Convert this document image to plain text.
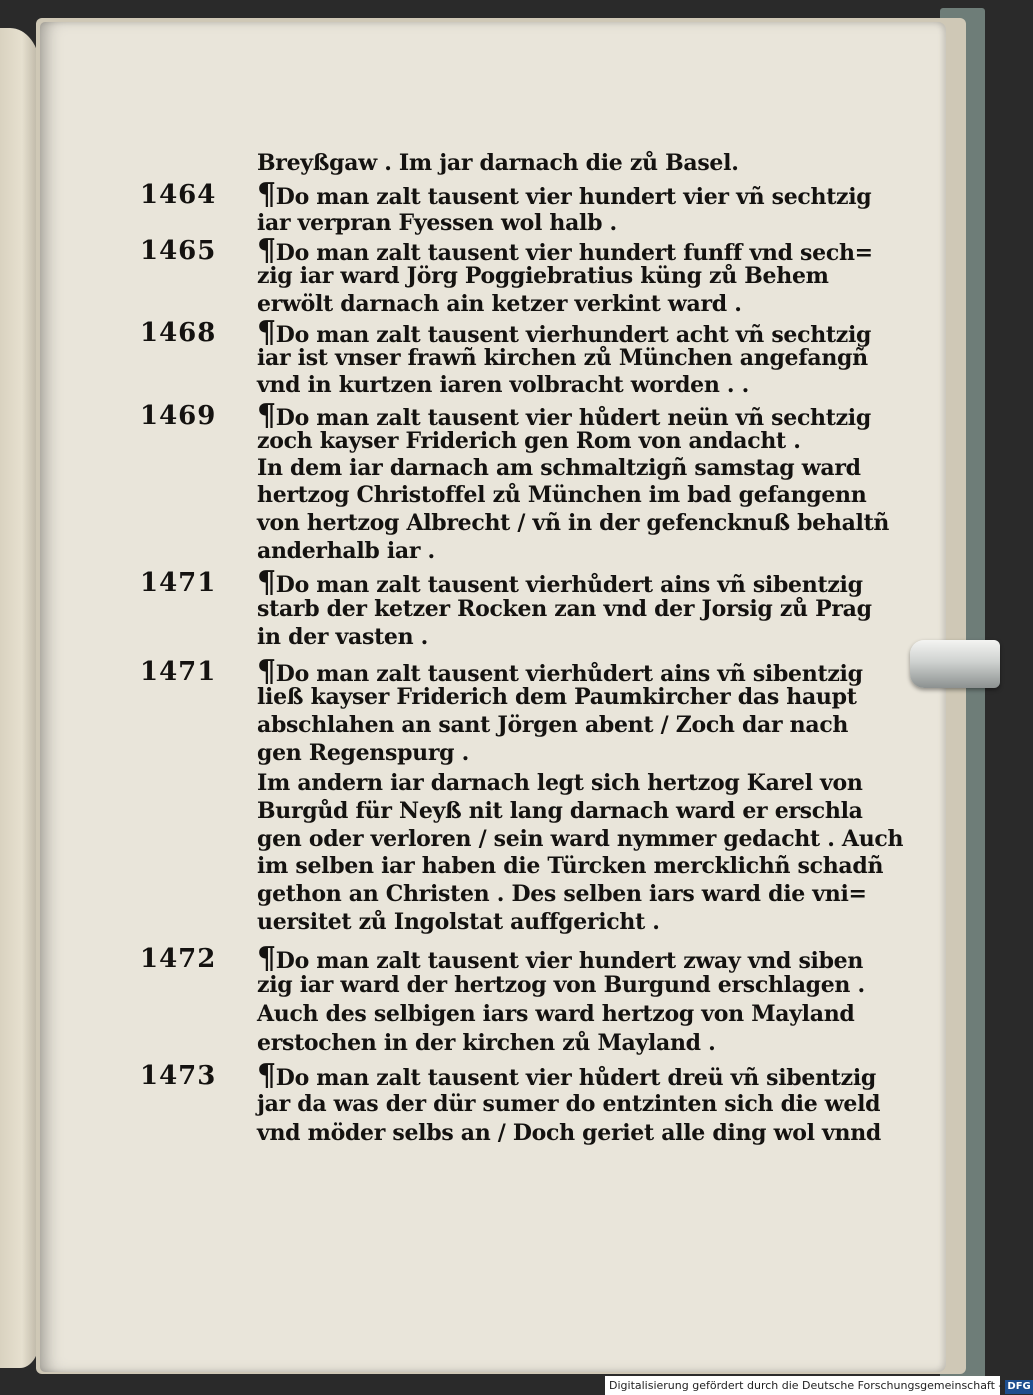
1464
1465
1468
1469
1471
1471
1472
1473
Breyßgaw . Im jar darnach die zů Basel.
¶Do man zalt tausent vier hundert vier vñ sechtzig
iar verpran Fyessen wol halb .
¶Do man zalt tausent vier hundert funff vnd sech=
zig iar ward Jörg Poggiebratius küng zů Behem
erwölt darnach ain ketzer verkint ward .
¶Do man zalt tausent vierhundert acht vñ sechtzig
iar ist vnser frawñ kirchen zů München angefangñ
vnd in kurtzen iaren volbracht worden . .
¶Do man zalt tausent vier hůdert neün vñ sechtzig
zoch kayser Friderich gen Rom von andacht .
In dem iar darnach am schmaltzigñ samstag ward
hertzog Christoffel zů München im bad gefangenn
von hertzog Albrecht / vñ in der gefencknuß behaltñ
anderhalb iar .
¶Do man zalt tausent vierhůdert ains vñ sibentzig
starb der ketzer Rocken zan vnd der Jorsig zů Prag
in der vasten .
¶Do man zalt tausent vierhůdert ains vñ sibentzig
ließ kayser Friderich dem Paumkircher das haupt
abschlahen an sant Jörgen abent / Zoch dar nach
gen Regenspurg .
Im andern iar darnach legt sich hertzog Karel von
Burgůd für Neyß nit lang darnach ward er erschla
gen oder verloren / sein ward nymmer gedacht . Auch
im selben iar haben die Türcken mercklichñ schadñ
gethon an Christen . Des selben iars ward die vni=
uersitet zů Ingolstat auffgericht .
¶Do man zalt tausent vier hundert zway vnd siben
zig iar ward der hertzog von Burgund erschlagen .
Auch des selbigen iars ward hertzog von Mayland
erstochen in der kirchen zů Mayland .
¶Do man zalt tausent vier hůdert dreü vñ sibentzig
jar da was der dür sumer do entzinten sich die weld
vnd möder selbs an / Doch geriet alle ding wol vnnd
Digitalisierung gefördert durch die Deutsche Forschungsgemeinschaft - DFG
